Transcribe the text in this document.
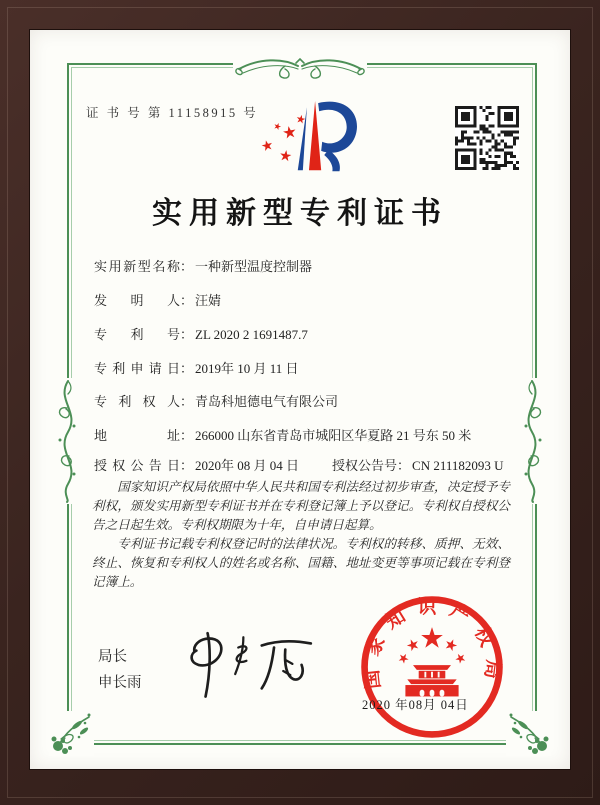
证 书 号 第 11158915 号
实用新型专利证书
实用新型名称： 一种新型温度控制器
发明人： 汪婧
专利号： ZL 2020 2 1691487.7
专利申请日： 2019年 10 月 11 日
专利权人： 青岛科旭德电气有限公司
地址： 266000 山东省青岛市城阳区华夏路 21 号东 50 米
授权公告日： 2020年 08 月 04 日	授权公告号： CN 211182093 U

国家知识产权局依照中华人民共和国专利法经过初步审查，决定授予专利权，颁发实用新型专利证书并在专利登记簿上予以登记。专利权自授权公告之日起生效。专利权期限为十年，自申请日起算。

专利证书记载专利权登记时的法律状况。专利权的转移、质押、无效、终止、恢复和专利权人的姓名或名称、国籍、地址变更等事项记载在专利登记簿上。

局长
申长雨	国家知识产权局
2020 年08月 04日
